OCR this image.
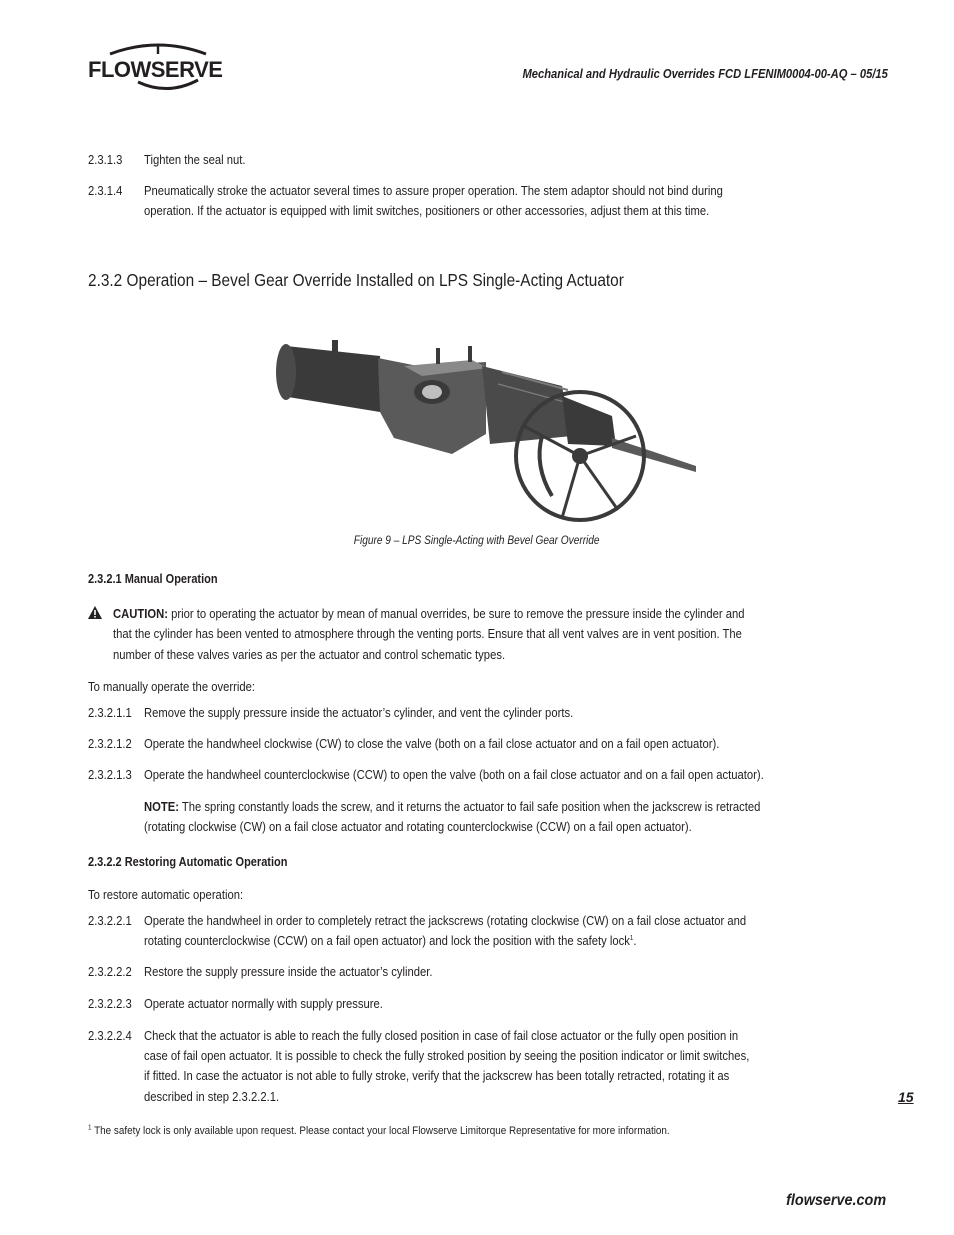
FLOWSERVE	Mechanical and Hydraulic Overrides FCD LFENIM0004-00-AQ – 05/15
2.3.1.3 Tighten the seal nut.
2.3.1.4 Pneumatically stroke the actuator several times to assure proper operation. The stem adaptor should not bind during
operation. If the actuator is equipped with limit switches, positioners or other accessories, adjust them at this time.
2.3.2 Operation – Bevel Gear Override Installed on LPS Single-Acting Actuator
Figure 9 – LPS Single-Acting with Bevel Gear Override
2.3.2.1 Manual Operation
CAUTION: prior to operating the actuator by mean of manual overrides, be sure to remove the pressure inside the cylinder and
that the cylinder has been vented to atmosphere through the venting ports. Ensure that all vent valves are in vent position. The
number of these valves varies as per the actuator and control schematic types.
To manually operate the override:
2.3.2.1.1 Remove the supply pressure inside the actuator’s cylinder, and vent the cylinder ports.
2.3.2.1.2 Operate the handwheel clockwise (CW) to close the valve (both on a fail close actuator and on a fail open actuator).
2.3.2.1.3 Operate the handwheel counterclockwise (CCW) to open the valve (both on a fail close actuator and on a fail open actuator).
NOTE: The spring constantly loads the screw, and it returns the actuator to fail safe position when the jackscrew is retracted
(rotating clockwise (CW) on a fail close actuator and rotating counterclockwise (CCW) on a fail open actuator).
2.3.2.2 Restoring Automatic Operation
To restore automatic operation:
2.3.2.2.1 Operate the handwheel in order to completely retract the jackscrews (rotating clockwise (CW) on a fail close actuator and
rotating counterclockwise (CCW) on a fail open actuator) and lock the position with the safety lock$^1$.
2.3.2.2.2 Restore the supply pressure inside the actuator’s cylinder.
2.3.2.2.3 Operate actuator normally with supply pressure.
2.3.2.2.4 Check that the actuator is able to reach the fully closed position in case of fail close actuator or the fully open position in
case of fail open actuator. It is possible to check the fully stroked position by seeing the position indicator or limit switches,
if fitted. In case the actuator is not able to fully stroke, verify that the jackscrew has been totally retracted, rotating it as
described in step 2.3.2.2.1.	15
$^1$ The safety lock is only available upon request. Please contact your local Flowserve Limitorque Representative for more information.
flowserve.com
